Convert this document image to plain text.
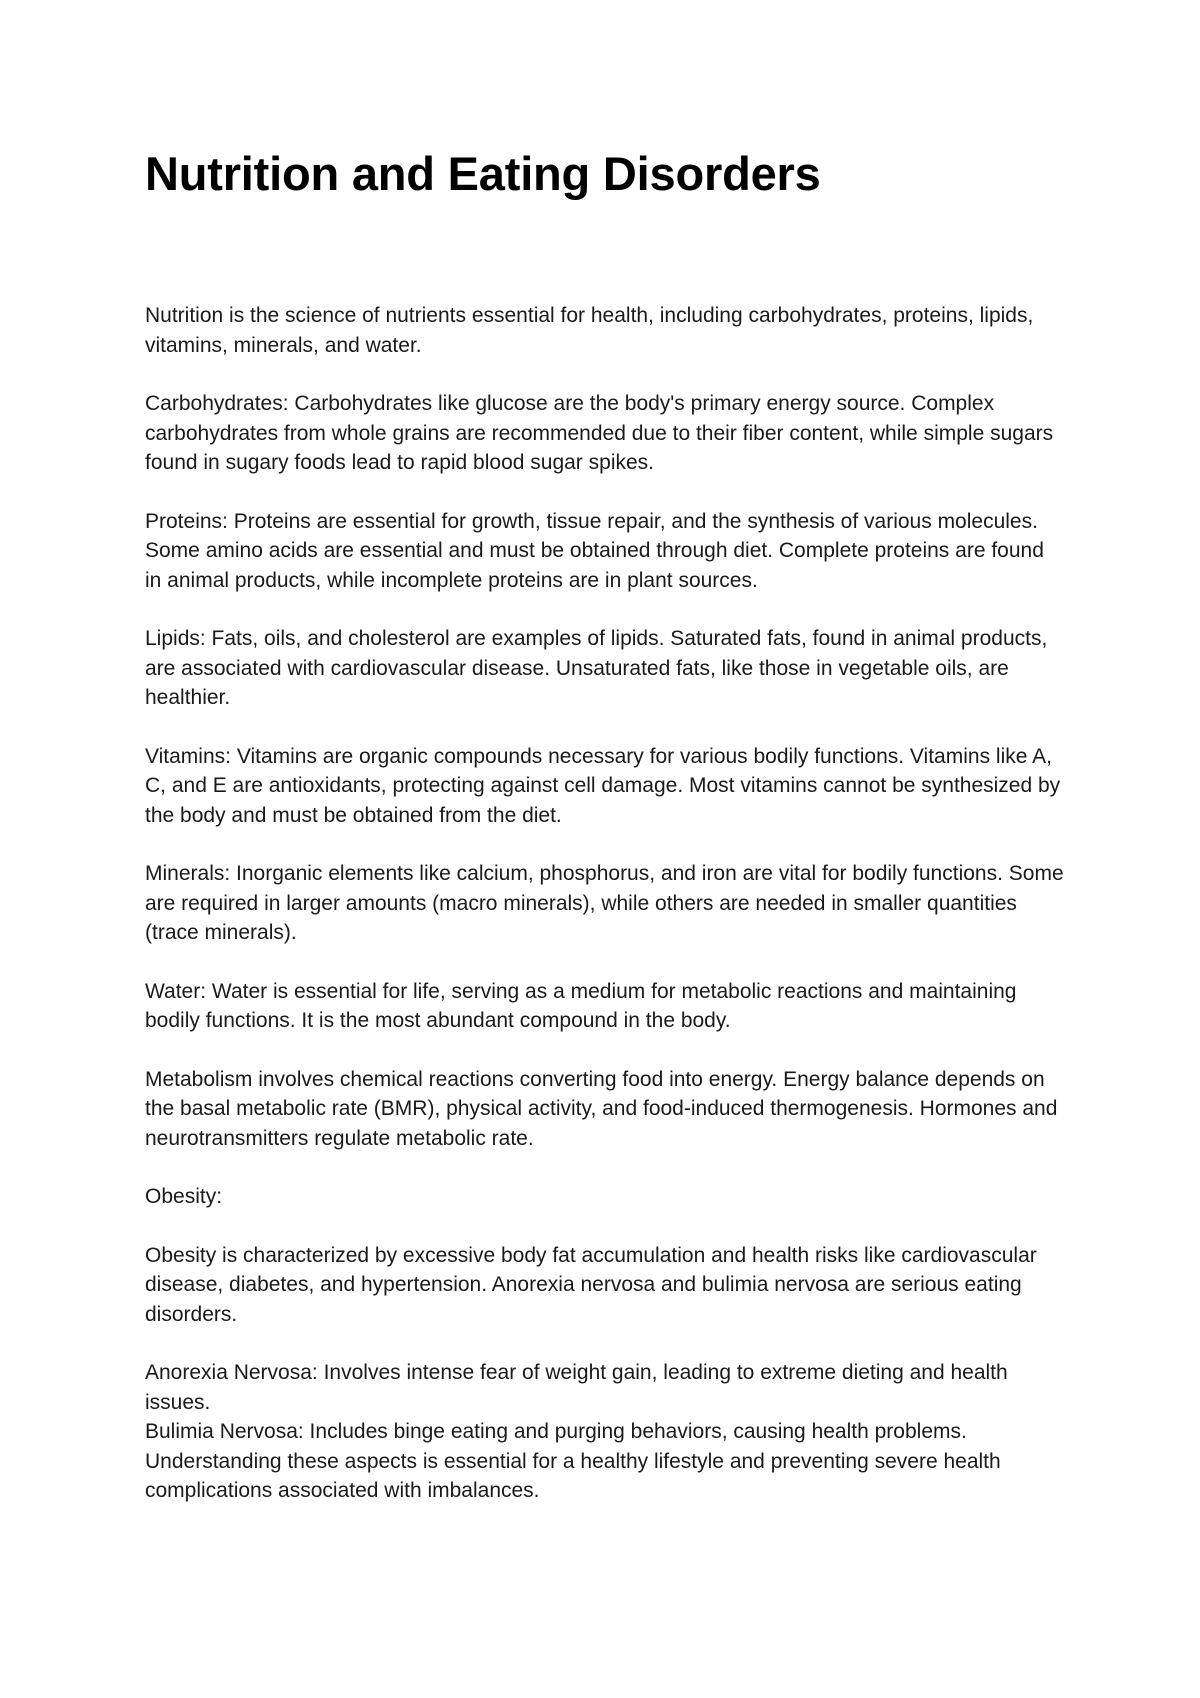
Nutrition and Eating Disorders

Nutrition is the science of nutrients essential for health, including carbohydrates, proteins, lipids, vitamins, minerals, and water.

Carbohydrates: Carbohydrates like glucose are the body's primary energy source. Complex carbohydrates from whole grains are recommended due to their fiber content, while simple sugars found in sugary foods lead to rapid blood sugar spikes.

Proteins: Proteins are essential for growth, tissue repair, and the synthesis of various molecules. Some amino acids are essential and must be obtained through diet. Complete proteins are found in animal products, while incomplete proteins are in plant sources.

Lipids: Fats, oils, and cholesterol are examples of lipids. Saturated fats, found in animal products, are associated with cardiovascular disease. Unsaturated fats, like those in vegetable oils, are healthier.

Vitamins: Vitamins are organic compounds necessary for various bodily functions. Vitamins like A, C, and E are antioxidants, protecting against cell damage. Most vitamins cannot be synthesized by the body and must be obtained from the diet.

Minerals: Inorganic elements like calcium, phosphorus, and iron are vital for bodily functions. Some are required in larger amounts (macro minerals), while others are needed in smaller quantities (trace minerals).

Water: Water is essential for life, serving as a medium for metabolic reactions and maintaining bodily functions. It is the most abundant compound in the body.

Metabolism involves chemical reactions converting food into energy. Energy balance depends on the basal metabolic rate (BMR), physical activity, and food-induced thermogenesis. Hormones and neurotransmitters regulate metabolic rate.

Obesity:

Obesity is characterized by excessive body fat accumulation and health risks like cardiovascular disease, diabetes, and hypertension. Anorexia nervosa and bulimia nervosa are serious eating disorders.

Anorexia Nervosa: Involves intense fear of weight gain, leading to extreme dieting and health issues.

Bulimia Nervosa: Includes binge eating and purging behaviors, causing health problems.

Understanding these aspects is essential for a healthy lifestyle and preventing severe health complications associated with imbalances.
